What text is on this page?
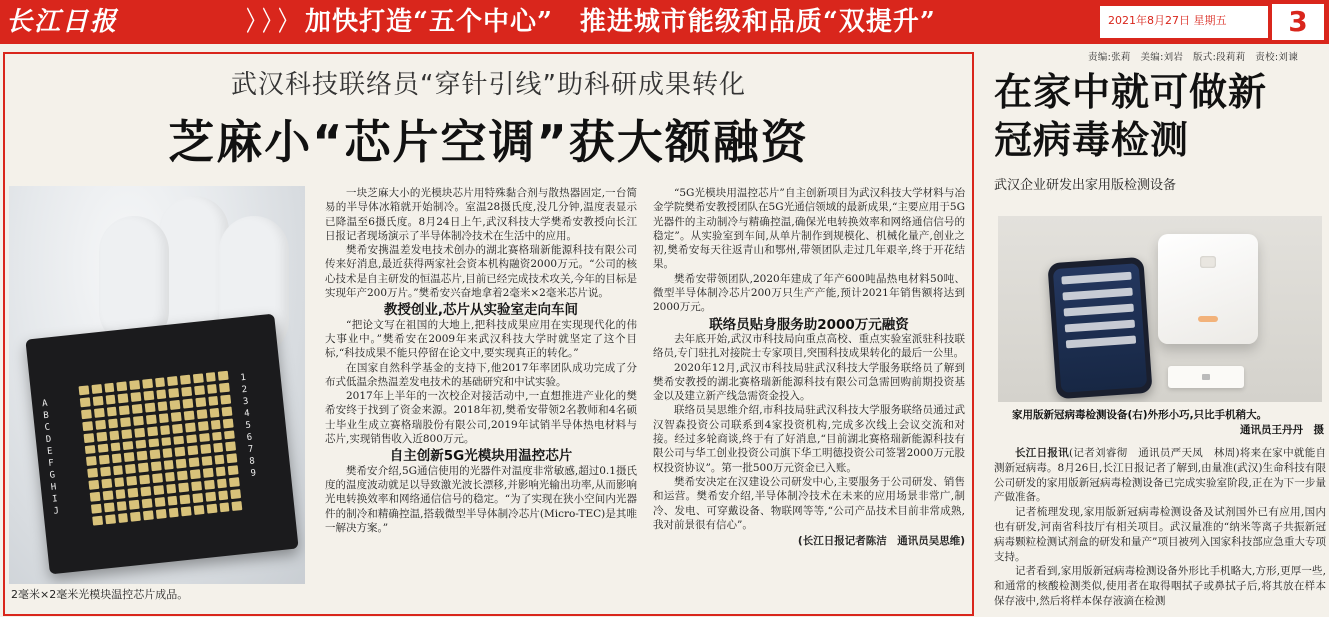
长江日报	〉 〉 〉 加快打造“五个中心”　推进城市能级和品质“双提升”	2021年8月27日 星期五	3
责编:张莉　美编:刘岩　版式:段莉莉　责校:刘谏
武汉科技联络员“穿针引线”助科研成果转化
芝麻小“芯片空调”获大额融资
ABCDEFGHIJ
123456789
2毫米×2毫米光模块温控芯片成品。

一块芝麻大小的光模块芯片用特殊黏合剂与散热器固定,一台简易的半导体冰箱就开始制冷。室温28摄氏度,没几分钟,温度表显示已降温至6摄氏度。8月24日上午,武汉科技大学樊希安教授向长江日报记者现场演示了半导体制冷技术在生活中的应用。

樊希安携温差发电技术创办的湖北赛格瑞新能源科技有限公司传来好消息,最近获得两家社会资本机构融资2000万元。“公司的核心技术是自主研发的恒温芯片,目前已经完成技术攻关,今年的目标是实现年产200万片。”樊希安兴奋地拿着2毫米×2毫米芯片说。

教授创业,芯片从实验室走向车间

“把论文写在祖国的大地上,把科技成果应用在实现现代化的伟大事业中。”樊希安在2009年来武汉科技大学时就坚定了这个目标,“科技成果不能只停留在论文中,要实现真正的转化。”

在国家自然科学基金的支持下,他2017年率团队成功完成了分布式低温余热温差发电技术的基础研究和中试实验。

2017年上半年的一次校企对接活动中,一直想推进产业化的樊希安终于找到了资金来源。2018年初,樊希安带领2名教师和4名硕士毕业生成立赛格瑞股份有限公司,2019年试销半导体热电材料与芯片,实现销售收入近800万元。

自主创新5G光模块用温控芯片

樊希安介绍,5G通信使用的光器件对温度非常敏感,超过0.1摄氏度的温度波动就足以导致激光波长漂移,并影响光输出功率,从而影响光电转换效率和网络通信信号的稳定。“为了实现在狭小空间内光器件的制冷和精确控温,搭载微型半导体制冷芯片(Micro-TEC)是其唯一解决方案。”

“5G光模块用温控芯片”自主创新项目为武汉科技大学材料与冶金学院樊希安教授团队在5G光通信领域的最新成果,“主要应用于5G光器件的主动制冷与精确控温,确保光电转换效率和网络通信信号的稳定”。从实验室到车间,从单片制作到规模化、机械化量产,创业之初,樊希安每天往返青山和鄂州,带领团队走过几年艰辛,终于开花结果。

樊希安带领团队,2020年建成了年产600吨晶热电材料50吨、微型半导体制冷芯片200万只生产产能,预计2021年销售额将达到2000万元。

联络员贴身服务助2000万元融资

去年底开始,武汉市科技局向重点高校、重点实验室派驻科技联络员,专门驻扎对接院士专家项目,突围科技成果转化的最后一公里。

2020年12月,武汉市科技局驻武汉科技大学服务联络员了解到樊希安教授的湖北赛格瑞新能源科技有限公司急需回购前期投资基金以及建立新产线急需资金投入。

联络员吴思维介绍,市科技局驻武汉科技大学服务联络员通过武汉智森投资公司联系到4家投资机构,完成多次线上会议交流和对接。经过多轮商谈,终于有了好消息,“目前湖北赛格瑞新能源科技有限公司与华工创业投资公司旗下华工明德投资公司签署2000万元股权投资协议”。第一批500万元资金已入账。

樊希安决定在汉建设公司研发中心,主要服务于公司研发、销售和运营。樊希安介绍,半导体制冷技术在未来的应用场景非常广,制冷、发电、可穿戴设备、物联网等等,“公司产品技术目前非常成熟,我对前景很有信心”。

(长江日报记者陈洁　通讯员吴思维)

在家中就可做新冠病毒检测
武汉企业研发出家用版检测设备
家用版新冠病毒检测设备(右)外形小巧,只比手机稍大。
通讯员王丹丹　摄

长江日报讯(记者刘睿彻　通讯员严天凤　林周)将来在家中就能自测新冠病毒。8月26日,长江日报记者了解到,由量准(武汉)生命科技有限公司研发的家用版新冠病毒检测设备已完成实验室阶段,正在为下一步量产做准备。

记者梳理发现,家用版新冠病毒检测设备及试剂国外已有应用,国内也有研发,河南省科技厅有相关项目。武汉量准的“纳米等离子共振新冠病毒颗粒检测试剂盒的研发和量产”项目被列入国家科技部应急重大专项支持。

记者看到,家用版新冠病毒检测设备外形比手机略大,方形,更厚一些,和通常的核酸检测类似,使用者在取得咽拭子或鼻拭子后,将其放在样本保存液中,然后将样本保存液滴在检测
